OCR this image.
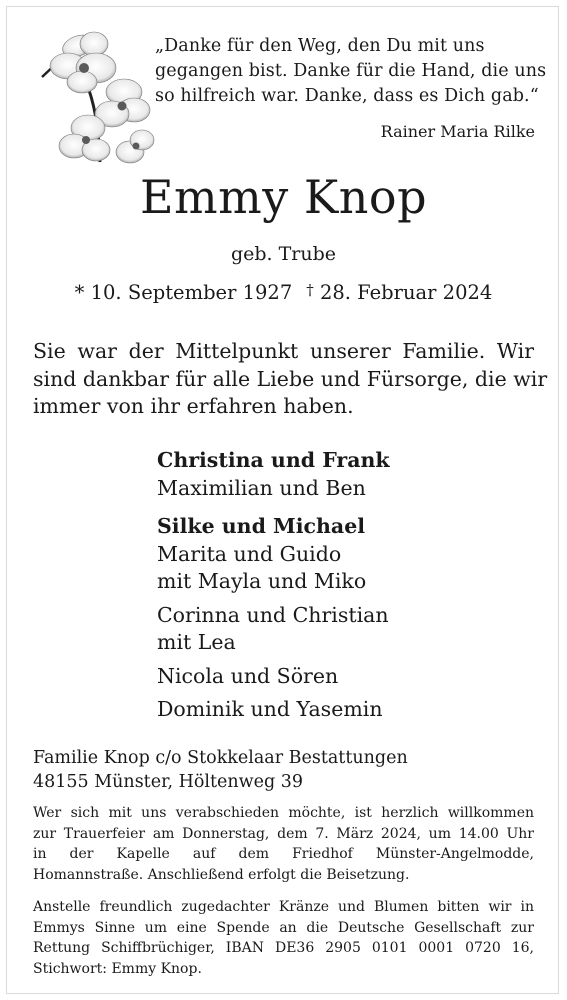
„Danke für den Weg, den Du mit uns
gegangen bist. Danke für die Hand, die uns
so hilfreich war. Danke, dass es Dich gab.“
Rainer Maria Rilke
Emmy Knop
geb. Trube
* 10. September 1927 † 28. Februar 2024
Sie war der Mittelpunkt unserer Familie. Wir
sind dankbar für alle Liebe und Fürsorge, die wir
immer von ihr erfahren haben.
Christina und Frank
Maximilian und Ben
Silke und Michael
Marita und Guido
mit Mayla und Miko
Corinna und Christian
mit Lea
Nicola und Sören
Dominik und Yasemin
Familie Knop c/o Stokkelaar Bestattungen
48155 Münster, Höltenweg 39
Wer sich mit uns verabschieden möchte, ist herzlich willkommen
zur Trauerfeier am Donnerstag, dem 7. März 2024, um 14.00 Uhr
in der Kapelle auf dem Friedhof Münster-Angelmodde,
Homannstraße. Anschließend erfolgt die Beisetzung.
Anstelle freundlich zugedachter Kränze und Blumen bitten wir in
Emmys Sinne um eine Spende an die Deutsche Gesellschaft zur
Rettung Schiffbrüchiger, IBAN DE36 2905 0101 0001 0720 16,
Stichwort: Emmy Knop.
